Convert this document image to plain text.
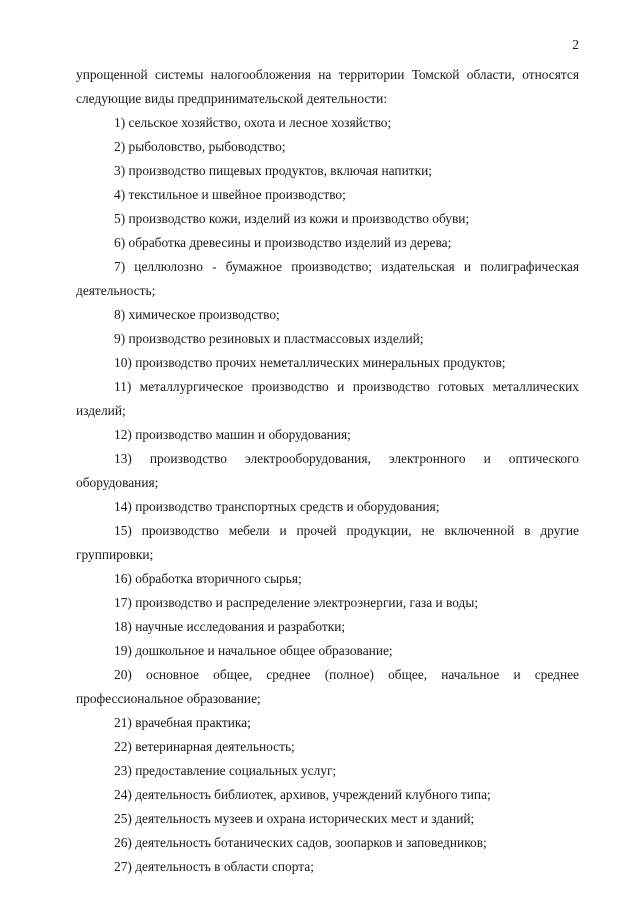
2

упрощенной системы налогообложения на территории Томской области, относятся следующие виды предпринимательской деятельности:

1) сельское хозяйство, охота и лесное хозяйство;
2) рыболовство, рыбоводство;
3) производство пищевых продуктов, включая напитки;
4) текстильное и швейное производство;
5) производство кожи, изделий из кожи и производство обуви;
6) обработка древесины и производство изделий из дерева;
7) целлюлозно - бумажное производство; издательская и полиграфическая деятельность;
8) химическое производство;
9) производство резиновых и пластмассовых изделий;
10) производство прочих неметаллических минеральных продуктов;
11) металлургическое производство и производство готовых металлических изделий;
12) производство машин и оборудования;
13) производство электрооборудования, электронного и оптического оборудования;
14) производство транспортных средств и оборудования;
15) производство мебели и прочей продукции, не включенной в другие группировки;
16) обработка вторичного сырья;
17) производство и распределение электроэнергии, газа и воды;
18) научные исследования и разработки;
19) дошкольное и начальное общее образование;
20) основное общее, среднее (полное) общее, начальное и среднее профессиональное образование;
21) врачебная практика;
22) ветеринарная деятельность;
23) предоставление социальных услуг;
24) деятельность библиотек, архивов, учреждений клубного типа;
25) деятельность музеев и охрана исторических мест и зданий;
26) деятельность ботанических садов, зоопарков и заповедников;
27) деятельность в области спорта;
